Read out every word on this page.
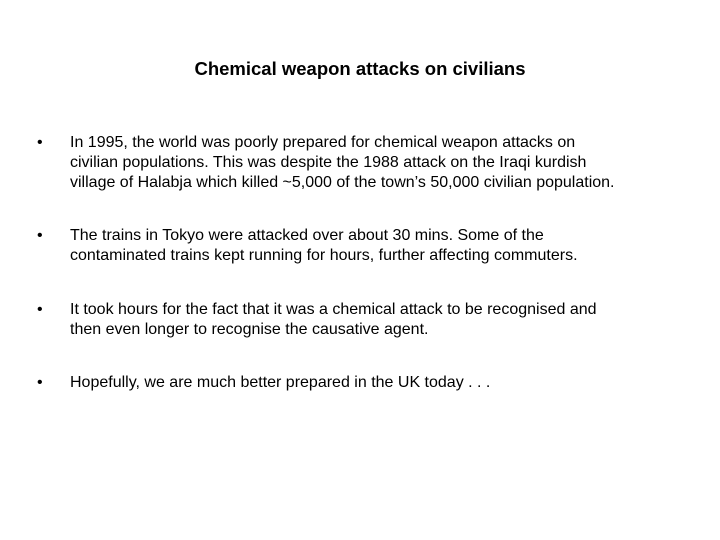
Chemical weapon attacks on civilians
• In 1995, the world was poorly prepared for chemical weapon attacks on
civilian populations. This was despite the 1988 attack on the Iraqi kurdish
village of Halabja which killed ~5,000 of the town’s 50,000 civilian population.
• The trains in Tokyo were attacked over about 30 mins. Some of the
contaminated trains kept running for hours, further affecting commuters.
• It took hours for the fact that it was a chemical attack to be recognised and
then even longer to recognise the causative agent.
• Hopefully, we are much better prepared in the UK today . . .
